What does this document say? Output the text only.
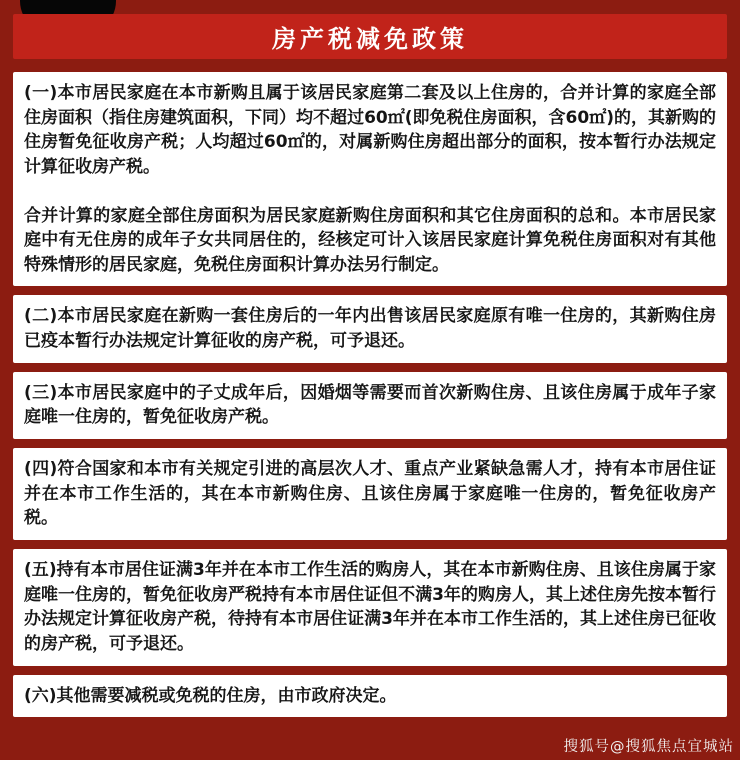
房产税减免政策

(一)本市居民家庭在本市新购且属于该居民家庭第二套及以上住房的，合并计算的家庭全部住房面积（指住房建筑面积，下同）均不超过60㎡(即免税住房面积，含60㎡)的，其新购的住房暂免征收房产税；人均超过60㎡的，对属新购住房超出部分的面积，按本暂行办法规定计算征收房产税。

合并计算的家庭全部住房面积为居民家庭新购住房面积和其它住房面积的总和。本市居民家庭中有无住房的成年子女共同居住的，经核定可计入该居民家庭计算免税住房面积对有其他特殊情形的居民家庭，免税住房面积计算办法另行制定。

(二)本市居民家庭在新购一套住房后的一年内出售该居民家庭原有唯一住房的，其新购住房已疫本暂行办法规定计算征收的房产税，可予退还。

(三)本市居民家庭中的子丈成年后，因婚烟等需要而首次新购住房、且该住房属于成年子家庭唯一住房的，暂免征收房产税。

(四)符合国家和本市有关规定引进的高层次人才、重点产业紧缺急需人才，持有本市居住证并在本市工作生活的，其在本市新购住房、且该住房属于家庭唯一住房的，暂免征收房产税。

(五)持有本市居住证满3年并在本市工作生活的购房人，其在本市新购住房、且该住房属于家庭唯一住房的，暂免征收房严税持有本市居住证但不满3年的购房人，其上述住房先按本暂行办法规定计算征收房产税，待持有本市居住证满3年并在本市工作生活的，其上述住房已征收的房产税，可予退还。

(六)其他需要减税或免税的住房，由市政府决定。

搜狐号@搜狐焦点宜城站
